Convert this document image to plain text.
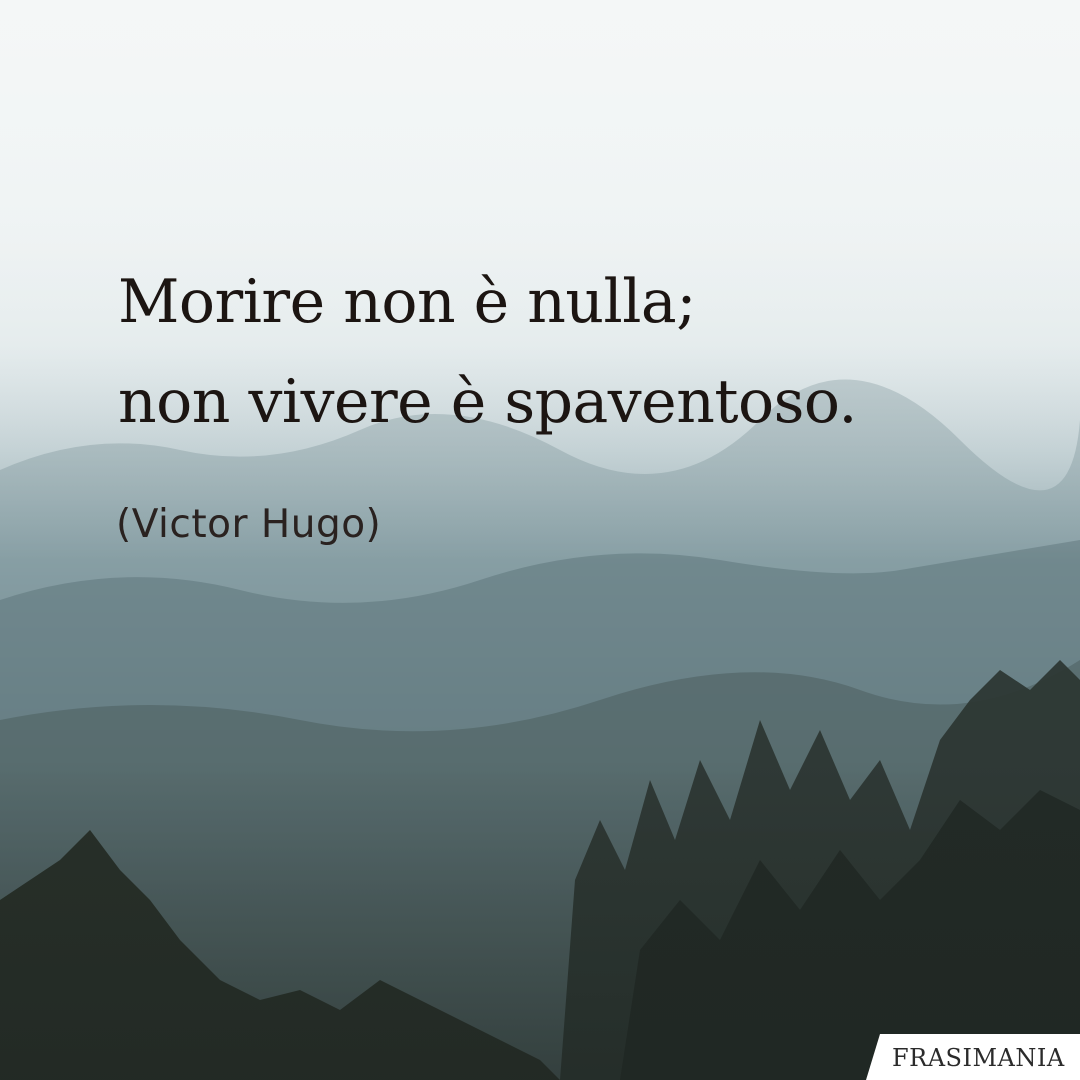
Morire non è nulla;
non vivere è spaventoso.

(Victor Hugo)

FRASIMANIA
